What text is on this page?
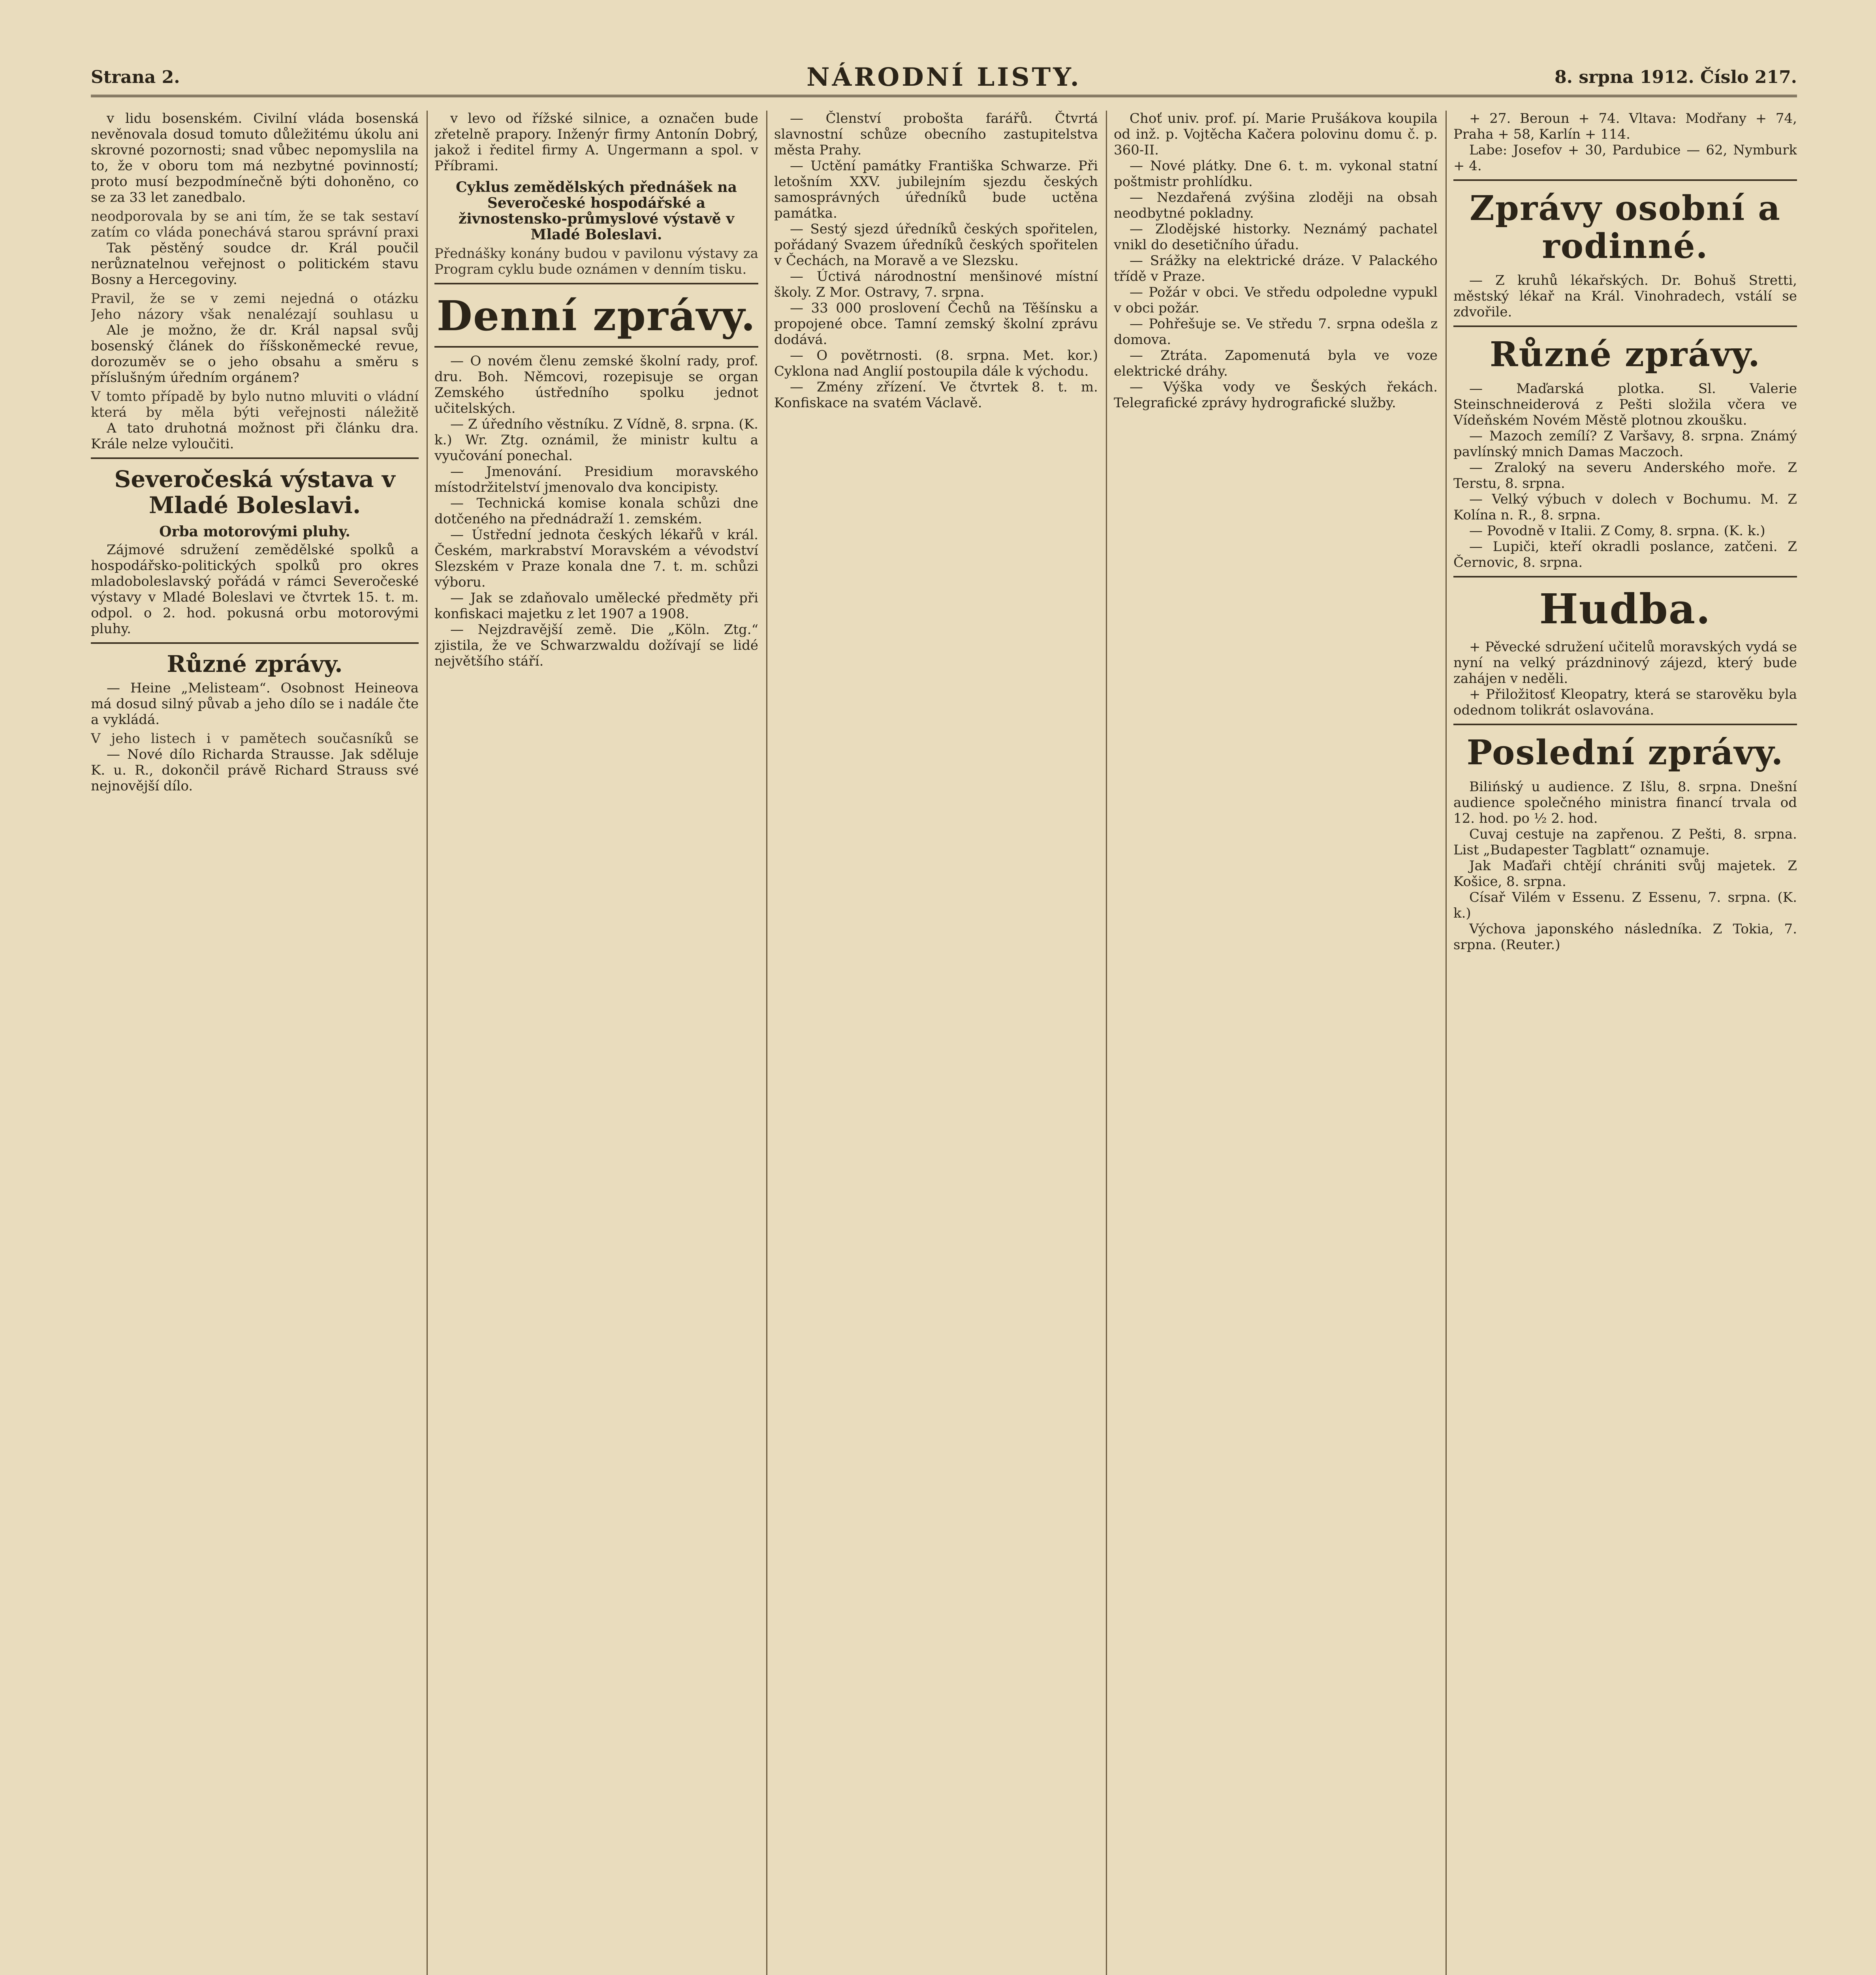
Strana 2.	NÁRODNÍ LISTY.	8. srpna 1912. Číslo 217.

v lidu bosenském. Civilní vláda bosenská nevěnovala dosud tomuto důležitému úkolu ani skrovné pozornosti; snad vůbec nepomyslila na to, že v oboru tom má nezbytné povinností; proto musí bezpodmínečně býti dohoněno, co se za 33 let zanedbalo.

neodporovala by se ani tím, že se tak sestaví
zatím co vláda ponechává starou správní praxi

Tak pěstěný soudce dr. Král poučil nerůznatelnou veřejnost o politickém stavu Bosny a Hercegoviny.

Pravil, že se v zemi nejedná o otázku
Jeho názory však nenalézají souhlasu u

Ale je možno, že dr. Král napsal svůj bosenský článek do říšskoněmecké revue, dorozuměv se o jeho obsahu a směru s příslušným úředním orgánem?

V tomto případě by bylo nutno mluviti o vládní
která by měla býti veřejnosti náležitě

A tato druhotná možnost při článku dra. Krále nelze vyloučiti.

Severočeská výstava v Mladé Boleslavi.
Orba motorovými pluhy.

Zájmové sdružení zemědělské spolků a hospodářsko-politických spolků pro okres mladoboleslavský pořádá v rámci Severočeské výstavy v Mladé Boleslavi ve čtvrtek 15. t. m. odpol. o 2. hod. pokusná orbu motorovými pluhy.

Různé zprávy.

— Heine „Melisteam“. Osobnost Heineova má dosud silný půvab a jeho dílo se i nadále čte a vykládá.

V jeho listech i v pamětech současníků se

— Nové dílo Richarda Strausse. Jak sděluje K. u. R., dokončil právě Richard Strauss své nejnovější dílo.

v levo od řížské silnice, a označen bude zřetelně prapory. Inženýr firmy Antonín Dobrý, jakož i ředitel firmy A. Ungermann a spol. v Příbrami.

Cyklus zemědělských přednášek na Severočeské hospodářské a živnostensko-průmyslové výstavě v Mladé Boleslavi.
Přednášky konány budou v pavilonu výstavy za
Program cyklu bude oznámen v denním tisku.
Denní zprávy.

— O novém členu zemské školní rady, prof. dru. Boh. Němcovi, rozepisuje se organ Zemského ústředního spolku jednot učitelských.

— Z úředního věstníku. Z Vídně, 8. srpna. (K. k.) Wr. Ztg. oznámil, že ministr kultu a vyučování ponechal.

— Jmenování. Presidium moravského místodržitelství jmenovalo dva koncipisty.

— Technická komise konala schůzi dne dotčeného na přednádraží 1. zemském.

— Ústřední jednota českých lékařů v král. Českém, markrabství Moravském a vévodství Slezském v Praze konala dne 7. t. m. schůzi výboru.

— Jak se zdaňovalo umělecké předměty při konfiskaci majetku z let 1907 a 1908.

— Nejzdravější země. Die „Köln. Ztg.“ zjistila, že ve Schwarzwaldu dožívají se lidé největšího stáří.

— Členství probošta farářů. Čtvrtá slavnostní schůze obecního zastupitelstva města Prahy.

— Uctění památky Františka Schwarze. Při letošním XXV. jubilejním sjezdu českých samosprávných úředníků bude uctěna památka.

— Sestý sjezd úředníků českých spořitelen, pořádaný Svazem úředníků českých spořitelen v Čechách, na Moravě a ve Slezsku.

— Úctivá národnostní menšinové místní školy. Z Mor. Ostravy, 7. srpna.

— 33 000 proslovení Čechů na Těšínsku a propojené obce. Tamní zemský školní zprávu dodává.

— O povětrnosti. (8. srpna. Met. kor.) Cyklona nad Anglií postoupila dále k východu.

— Zmény zřízení. Ve čtvrtek 8. t. m. Konfiskace na svatém Václavě.

Choť univ. prof. pí. Marie Prušákova koupila od inž. p. Vojtěcha Kačera polovinu domu č. p. 360-II.

— Nové plátky. Dne 6. t. m. vykonal statní poštmistr prohlídku.

— Nezdařená zvýšina zloději na obsah neodbytné pokladny.

— Zlodějské historky. Neznámý pachatel vnikl do desetičního úřadu.

— Srážky na elektrické dráze. V Palackého třídě v Praze.

— Požár v obci. Ve středu odpoledne vypukl v obci požár.

— Pohřešuje se. Ve středu 7. srpna odešla z domova.

— Ztráta. Zapomenutá byla ve voze elektrické dráhy.

— Výška vody ve Šeských řekách. Telegrafické zprávy hydrografické služby.

+ 27. Beroun + 74. Vltava: Modřany + 74, Praha + 58, Karlín + 114.

Labe: Josefov + 30, Pardubice — 62, Nymburk + 4.

Zprávy osobní a rodinné.

— Z kruhů lékařských. Dr. Bohuš Stretti, městský lékař na Král. Vinohradech, vstálí se zdvořile.

Různé zprávy.

— Maďarská plotka. Sl. Valerie Steinschneiderová z Pešti složila včera ve Vídeňském Novém Městě plotnou zkoušku.

— Mazoch zemílí? Z Varšavy, 8. srpna. Známý pavlínský mnich Damas Maczoch.

— Zraloký na severu Anderského moře. Z Terstu, 8. srpna.

— Velký výbuch v dolech v Bochumu. M. Z Kolína n. R., 8. srpna.

— Povodně v Italii. Z Comy, 8. srpna. (K. k.)

— Lupiči, kteří okradli poslance, zatčeni. Z Černovic, 8. srpna.

Hudba.

+ Pěvecké sdružení učitelů moravských vydá se nyní na velký prázdninový zájezd, který bude zahájen v neděli.

+ Přiložitosť Kleopatry, která se starověku byla odednom tolikrát oslavována.

Poslední zprávy.

Bilińský u audience. Z Išlu, 8. srpna. Dnešní audience společného ministra financí trvala od 12. hod. po ½ 2. hod.

Cuvaj cestuje na zapřenou. Z Pešti, 8. srpna. List „Budapester Tagblatt“ oznamuje.

Jak Maďaři chtějí chrániti svůj majetek. Z Košice, 8. srpna.

Císař Vilém v Essenu. Z Essenu, 7. srpna. (K. k.)

Výchova japonského následníka. Z Tokia, 7. srpna. (Reuter.)
